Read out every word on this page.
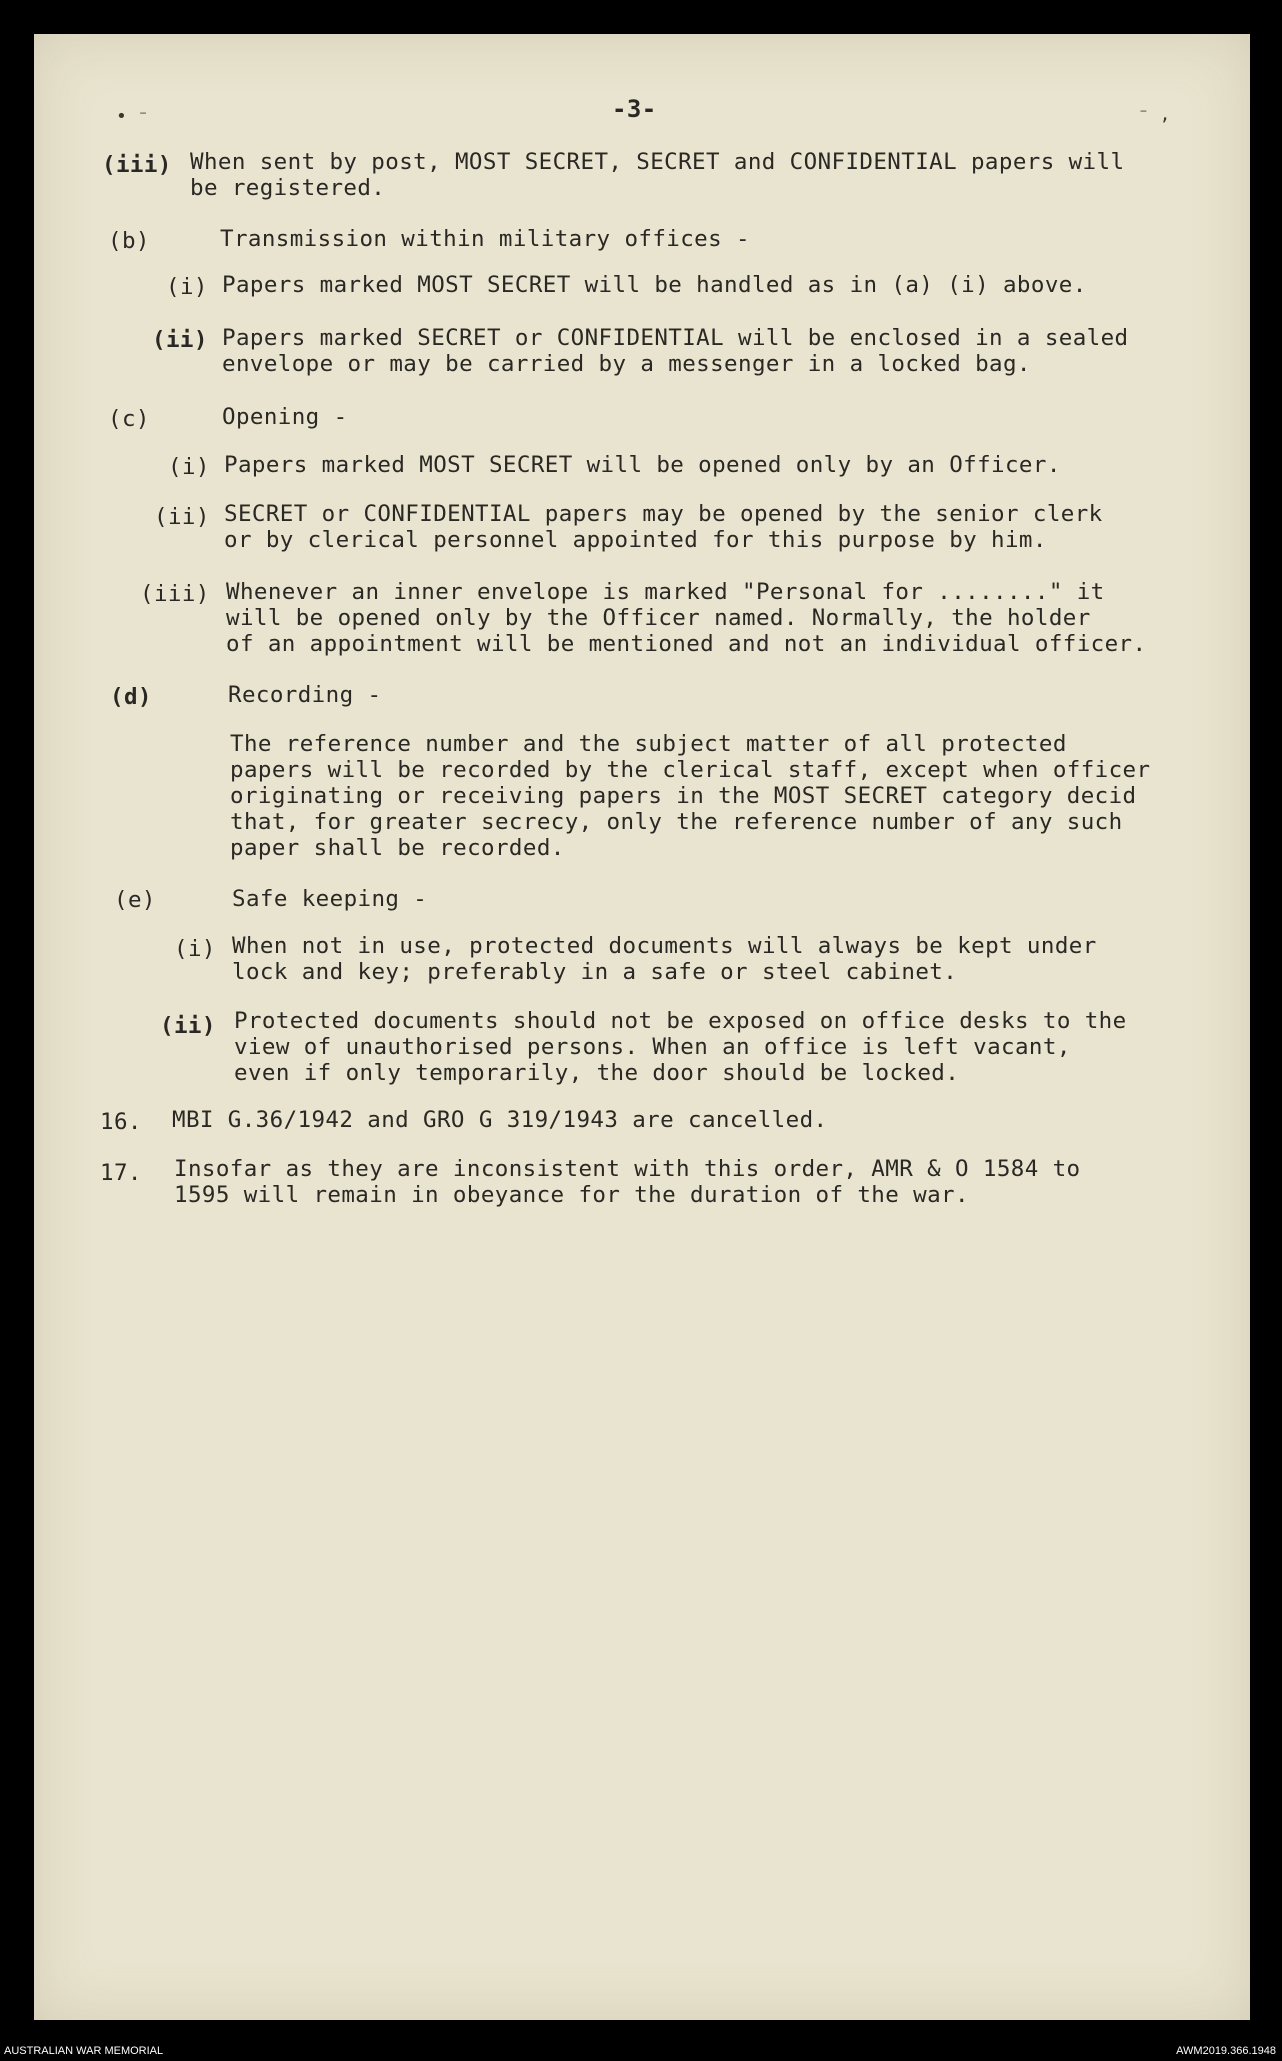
• ⁻	⁻ ,
-3-
(iii) When sent by post, MOST SECRET, SECRET and CONFIDENTIAL papers will
be registered.
(b)	Transmission within military offices -
(i) Papers marked MOST SECRET will be handled as in (a) (i) above.
(ii) Papers marked SECRET or CONFIDENTIAL will be enclosed in a sealed
envelope or may be carried by a messenger in a locked bag.
(c)	Opening -
(i) Papers marked MOST SECRET will be opened only by an Officer.
(ii) SECRET or CONFIDENTIAL papers may be opened by the senior clerk
or by clerical personnel appointed for this purpose by him.
(iii) Whenever an inner envelope is marked "Personal for ........" it
will be opened only by the Officer named. Normally, the holder
of an appointment will be mentioned and not an individual officer.
(d)	Recording -
The reference number and the subject matter of all protected
papers will be recorded by the clerical staff, except when officer
originating or receiving papers in the MOST SECRET category decid
that, for greater secrecy, only the reference number of any such
paper shall be recorded.
(e)	Safe keeping -
(i) When not in use, protected documents will always be kept under
lock and key; preferably in a safe or steel cabinet.
(ii) Protected documents should not be exposed on office desks to the
view of unauthorised persons. When an office is left vacant,
even if only temporarily, the door should be locked.
16. MBI G.36/1942 and GRO G 319/1943 are cancelled.
17. Insofar as they are inconsistent with this order, AMR & O 1584 to
1595 will remain in obeyance for the duration of the war.
AUSTRALIAN WAR MEMORIAL	AWM2019.366.1948
